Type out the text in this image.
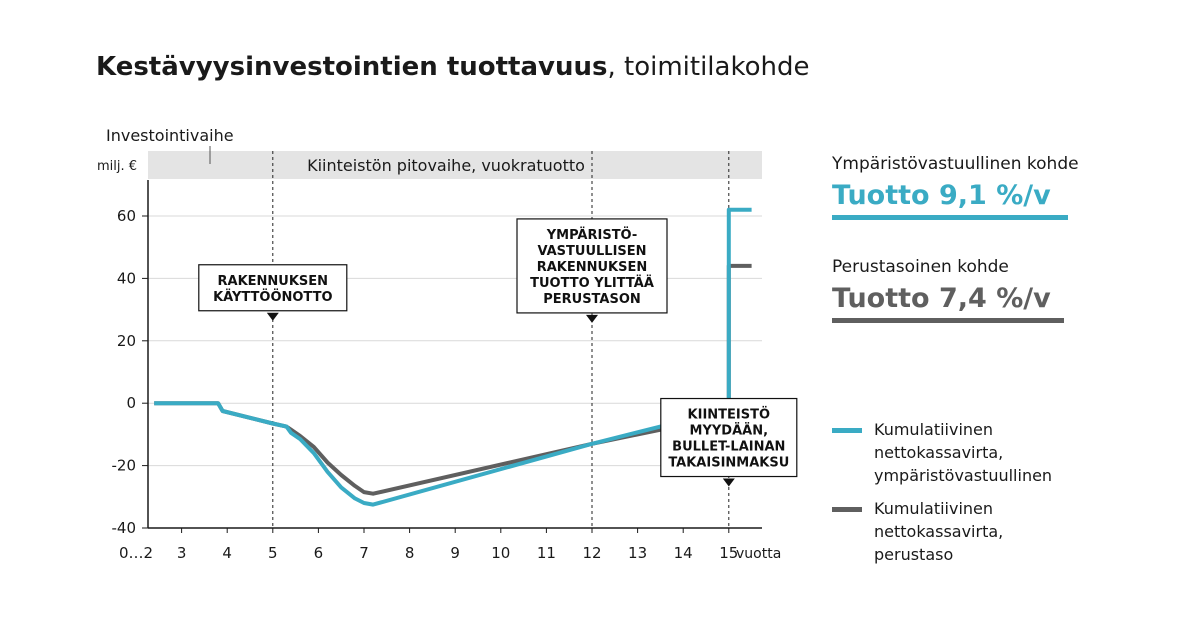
Kestävyysinvestointien tuottavuus, toimitilakohde
Investointivaihe
Kiinteistön pitovaihe, vuokratuotto
60
40
20
0
-20
-40
milj. €
0…2 3 4 5 6 7 8 9 10 11 12 13 14 15
vuotta
RAKENNUKSEN
KÄYTTÖÖNOTTO
YMPÄRISTÖ-
VASTUULLISEN
RAKENNUKSEN
TUOTTO YLITTÄÄ
PERUSTASON
KIINTEISTÖ
MYYDÄÄN,
BULLET-LAINAN
TAKAISINMAKSU
Ympäristövastuullinen kohde
Tuotto 9,1 %/v
Perustasoinen kohde
Tuotto 7,4 %/v
Kumulatiivinen nettokassavirta, ympäristövastuullinen
Kumulatiivinen nettokassavirta, perustaso
